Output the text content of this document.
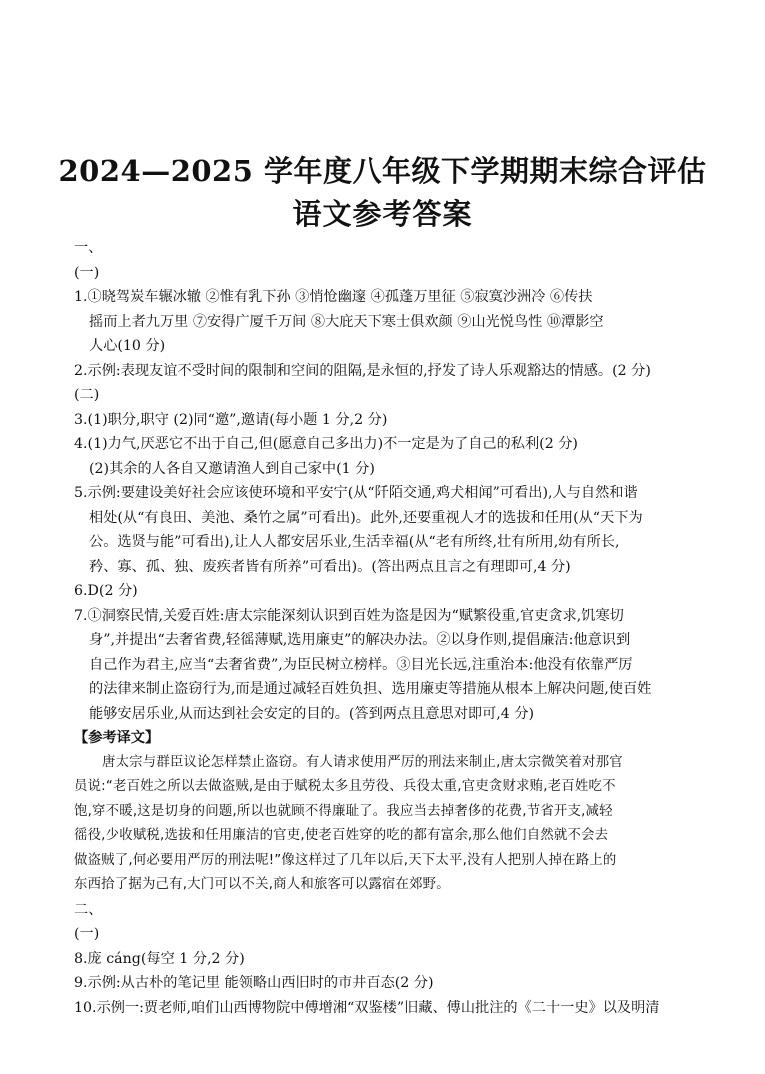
2024—2025 学年度八年级下学期期末综合评估
语文参考答案
一、
(一)
1.①晓驾炭车辗冰辙 ②惟有乳下孙 ③悄怆幽邃 ④孤蓬万里征 ⑤寂寞沙洲冷 ⑥传扶
摇而上者九万里 ⑦安得广厦千万间 ⑧大庇天下寒士俱欢颜 ⑨山光悦鸟性 ⑩潭影空
人心(10 分)
2.示例:表现友谊不受时间的限制和空间的阻隔,是永恒的,抒发了诗人乐观豁达的情感。(2 分)
(二)
3.(1)职分,职守 (2)同“邀”,邀请(每小题 1 分,2 分)
4.(1)力气,厌恶它不出于自己,但(愿意自己多出力)不一定是为了自己的私利(2 分)
(2)其余的人各自又邀请渔人到自己家中(1 分)
5.示例:要建设美好社会应该使环境和平安宁(从“阡陌交通,鸡犬相闻”可看出),人与自然和谐
相处(从“有良田、美池、桑竹之属”可看出)。此外,还要重视人才的选拔和任用(从“天下为
公。选贤与能”可看出),让人人都安居乐业,生活幸福(从“老有所终,壮有所用,幼有所长,
矜、寡、孤、独、废疾者皆有所养”可看出)。(答出两点且言之有理即可,4 分)
6.D(2 分)
7.①洞察民情,关爱百姓:唐太宗能深刻认识到百姓为盗是因为“赋繁役重,官吏贪求,饥寒切
身”,并提出“去奢省费,轻徭薄赋,选用廉吏”的解决办法。②以身作则,提倡廉洁:他意识到
自己作为君主,应当“去奢省费”,为臣民树立榜样。③目光长远,注重治本:他没有依靠严厉
的法律来制止盗窃行为,而是通过减轻百姓负担、选用廉吏等措施从根本上解决问题,使百姓
能够安居乐业,从而达到社会安定的目的。(答到两点且意思对即可,4 分)
【参考译文】
唐太宗与群臣议论怎样禁止盗窃。有人请求使用严厉的刑法来制止,唐太宗微笑着对那官
员说:“老百姓之所以去做盗贼,是由于赋税太多且劳役、兵役太重,官吏贪财求贿,老百姓吃不
饱,穿不暖,这是切身的问题,所以也就顾不得廉耻了。我应当去掉奢侈的花费,节省开支,减轻
徭役,少收赋税,选拔和任用廉洁的官吏,使老百姓穿的吃的都有富余,那么他们自然就不会去
做盗贼了,何必要用严厉的刑法呢!”像这样过了几年以后,天下太平,没有人把别人掉在路上的
东西拾了据为己有,大门可以不关,商人和旅客可以露宿在郊野。
二、
(一)
8.庞 cáng(每空 1 分,2 分)
9.示例:从古朴的笔记里 能领略山西旧时的市井百态(2 分)
10.示例一:贾老师,咱们山西博物院中傅增湘“双鉴楼”旧藏、傅山批注的《二十一史》以及明清
